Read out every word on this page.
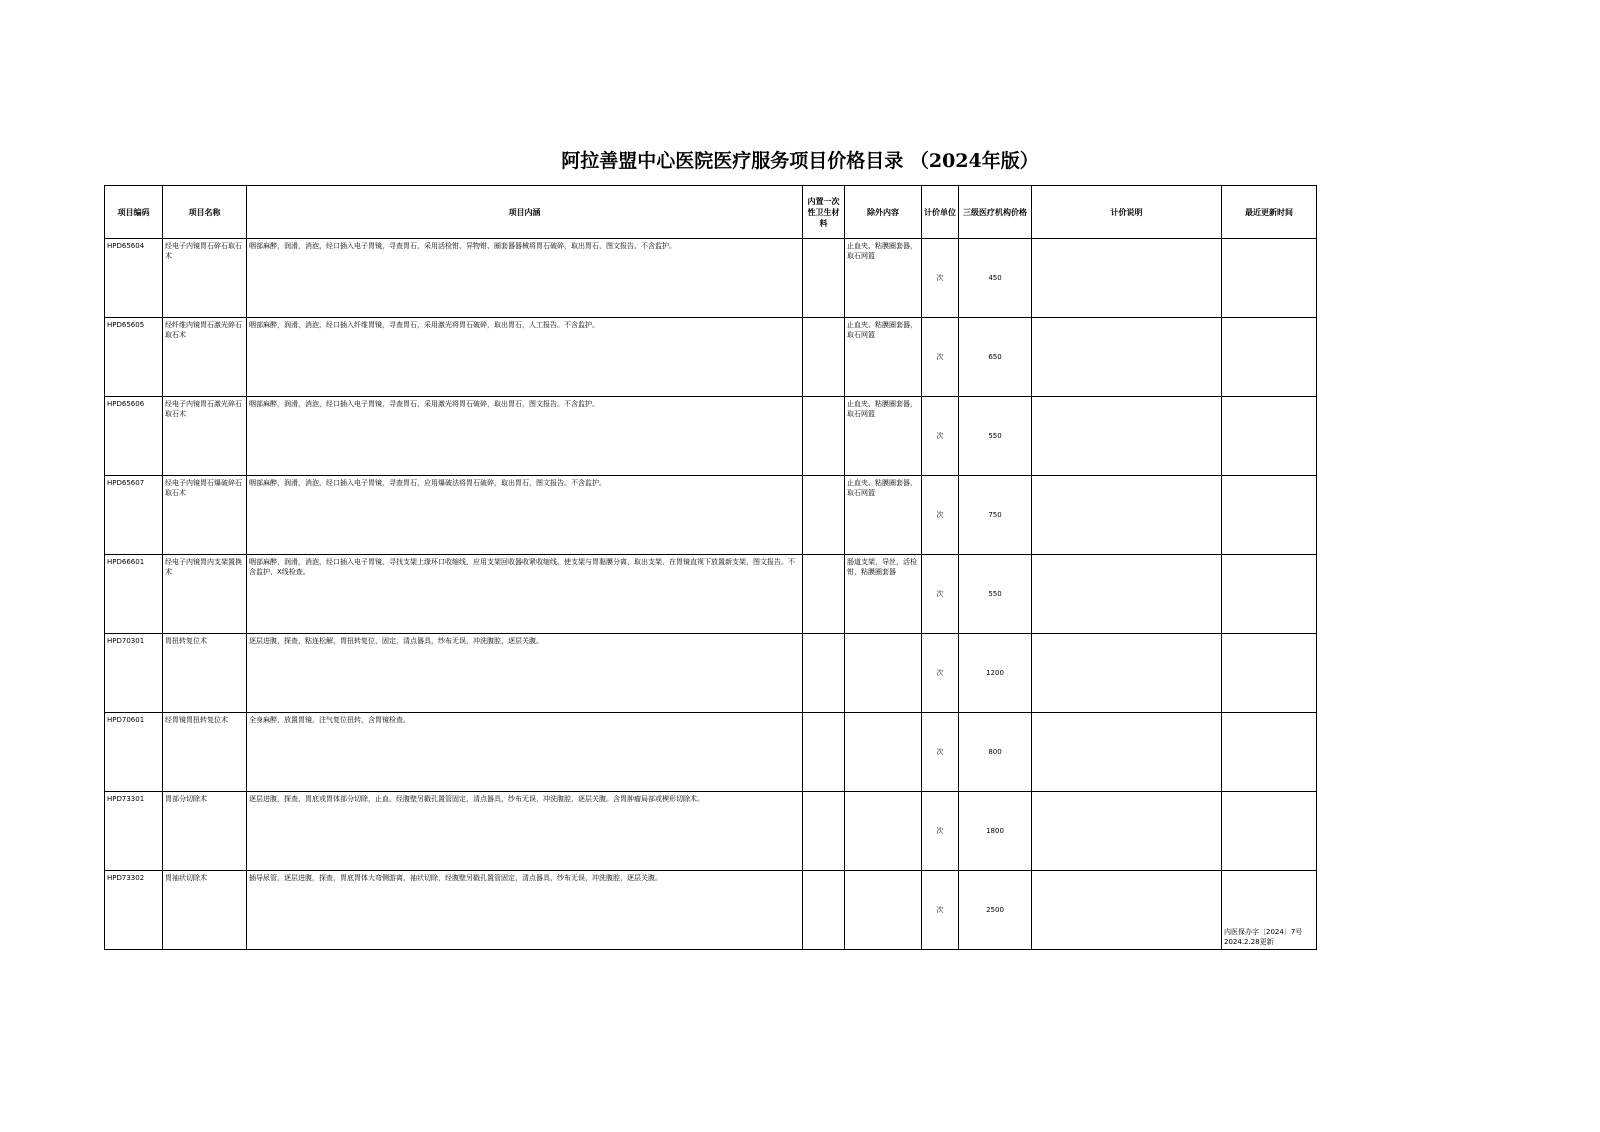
阿拉善盟中心医院医疗服务项目价格目录 （2024年版）
项目编码	项目名称	项目内涵	内置一次性卫生材料	除外内容	计价单位	三级医疗机构价格	计价说明	最近更新时间
HPD65604	经电子内镜胃石碎石取石术	咽部麻醉，润滑，消泡，经口插入电子胃镜，寻查胃石，采用活检钳、异物钳、圈套器器械将胃石破碎，取出胃石，图文报告。不含监护。		止血夹、粘膜圈套器，取石网篮	次	450		
HPD65605	经纤维内镜胃石激光碎石取石术	咽部麻醉，润滑，消泡，经口插入纤维胃镜，寻查胃石，采用激光将胃石破碎，取出胃石，人工报告。不含监护。		止血夹、粘膜圈套器，取石网篮	次	650		
HPD65606	经电子内镜胃石激光碎石取石术	咽部麻醉，润滑，消泡，经口插入电子胃镜，寻查胃石，采用激光将胃石破碎，取出胃石，图文报告。不含监护。		止血夹、粘膜圈套器，取石网篮	次	550		
HPD65607	经电子内镜胃石爆破碎石取石术	咽部麻醉，润滑，消泡，经口插入电子胃镜，寻查胃石，应用爆破法将胃石破碎，取出胃石，图文报告。不含监护。		止血夹、粘膜圈套器，取石网篮	次	750		
HPD66601	经电子内镜胃内支架置换术	咽部麻醉，润滑，消泡，经口插入电子胃镜，寻找支架上缘环口收缩线，应用支架回收器收紧收缩线，使支架与胃黏膜分离，取出支架，在胃镜直视下放置新支架，图文报告。不含监护、X线检查。		肠道支架，导丝，活检钳，粘膜圈套器	次	550		
HPD70301	胃扭转复位术	逐层进腹，探查，粘连松解，胃扭转复位，固定，清点器具，纱布无误，冲洗腹腔，逐层关腹。			次	1200		
HPD70601	经胃镜胃扭转复位术	全身麻醉，放置胃镜，注气复位扭转，含胃镜检查。			次	800		
HPD73301	胃部分切除术	逐层进腹，探查，胃底或胃体部分切除，止血，经腹壁另戳孔置管固定，清点器具，纱布无误，冲洗腹腔，逐层关腹。含胃肿瘤局部或楔形切除术。			次	1800		
HPD73302	胃袖状切除术	插导尿管，逐层进腹，探查，胃底胃体大弯侧游离，袖状切除，经腹壁另戳孔置管固定，清点器具，纱布无误，冲洗腹腔，逐层关腹。			次	2500		内医保办字〔2024〕7号 2024.2.28更新
